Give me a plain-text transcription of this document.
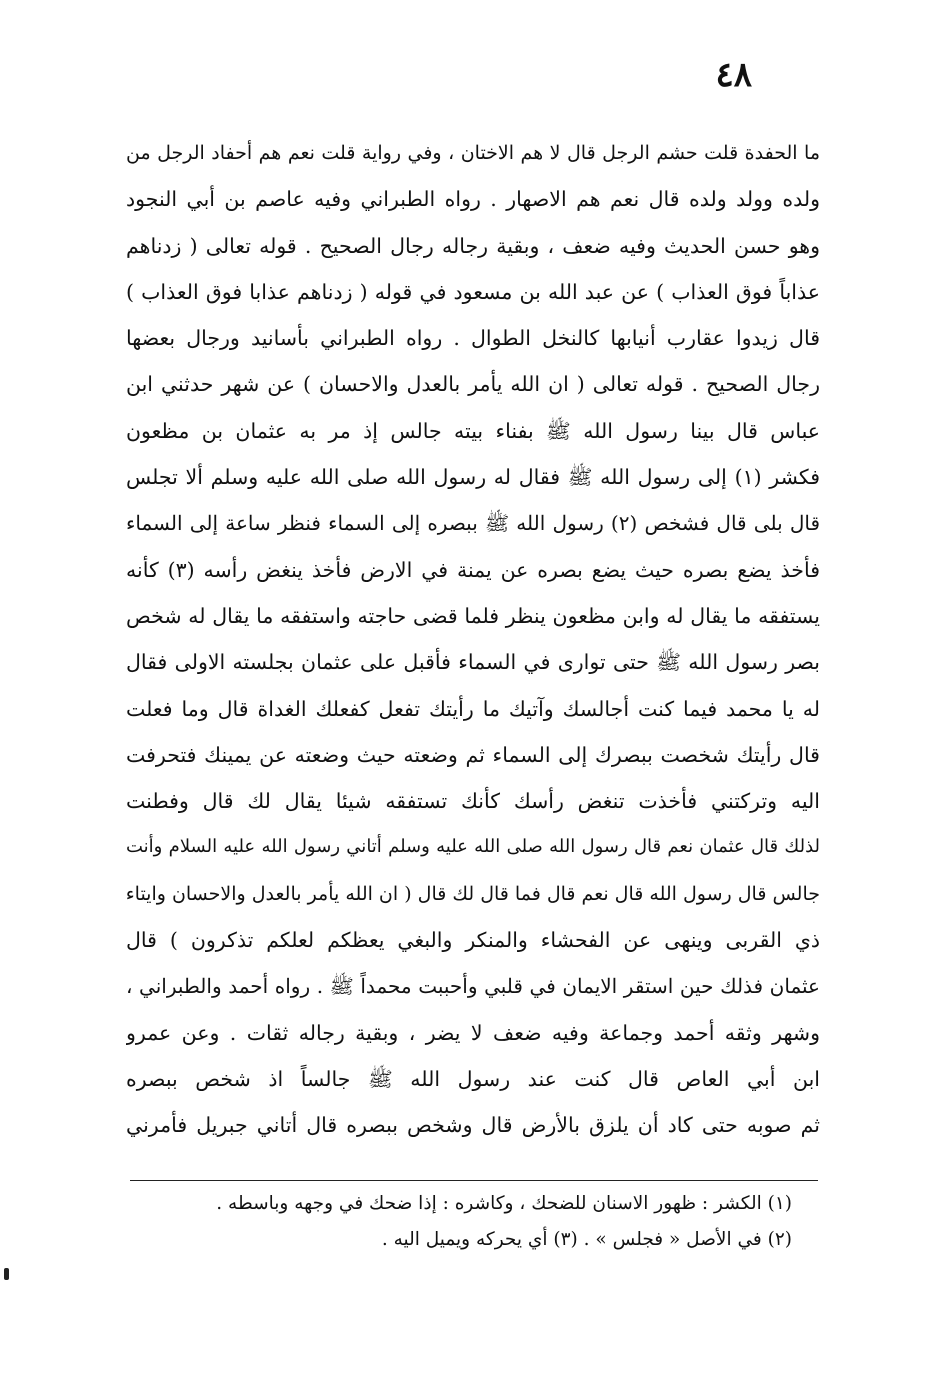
٤٨
ما الحفدة قلت حشم الرجل قال لا هم الاختان ، وفي رواية قلت نعم هم أحفاد الرجل من
ولده وولد ولده قال نعم هم الاصهار . رواه الطبراني وفيه عاصم بن أبي النجود
وهو حسن الحديث وفيه ضعف ، وبقية رجاله رجال الصحيح . قوله تعالى ( زدناهم
عذاباً فوق العذاب ) عن عبد الله بن مسعود في قوله ( زدناهم عذابا فوق العذاب )
قال زيدوا عقارب أنيابها كالنخل الطوال . رواه الطبراني بأسانيد ورجال بعضها
رجال الصحيح . قوله تعالى ( ان الله يأمر بالعدل والاحسان ) عن شهر حدثني ابن
عباس قال بينا رسول الله ﷺ بفناء بيته جالس إذ مر به عثمان بن مظعون
فكشر (١) إلى رسول الله ﷺ فقال له رسول الله صلى الله عليه وسلم ألا تجلس
قال بلى قال فشخص (٢) رسول الله ﷺ ببصره إلى السماء فنظر ساعة إلى السماء
فأخذ يضع بصره حيث يضع بصره عن يمنة في الارض فأخذ ينغض رأسه (٣) كأنه
يستفقه ما يقال له وابن مظعون ينظر فلما قضى حاجته واستفقه ما يقال له شخص
بصر رسول الله ﷺ حتى توارى في السماء فأقبل على عثمان بجلسته الاولى فقال
له يا محمد فيما كنت أجالسك وآتيك ما رأيتك تفعل كفعلك الغداة قال وما فعلت
قال رأيتك شخصت ببصرك إلى السماء ثم وضعته حيث وضعته عن يمينك فتحرفت
اليه وتركتني فأخذت تنغض رأسك كأنك تستفقه شيئا يقال لك قال وفطنت
لذلك قال عثمان نعم قال رسول الله صلى الله عليه وسلم أتاني رسول الله عليه السلام وأنت
جالس قال رسول الله قال نعم قال فما قال لك قال ( ان الله يأمر بالعدل والاحسان وايتاء
ذي القربى وينهى عن الفحشاء والمنكر والبغي يعظكم لعلكم تذكرون ) قال
عثمان فذلك حين استقر الايمان في قلبي وأحببت محمداً ﷺ . رواه أحمد والطبراني ،
وشهر وثقه أحمد وجماعة وفيه ضعف لا يضر ، وبقية رجاله ثقات . وعن عمرو
ابن أبي العاص قال كنت عند رسول الله ﷺ جالساً اذ شخص ببصره
ثم صوبه حتى كاد أن يلزق بالأرض قال وشخص ببصره قال أتاني جبريل فأمرني
(١) الكشر : ظهور الاسنان للضحك ، وكاشره : إذا ضحك في وجهه وباسطه .
(٢) في الأصل « فجلس » . (٣) أي يحركه ويميل اليه .
